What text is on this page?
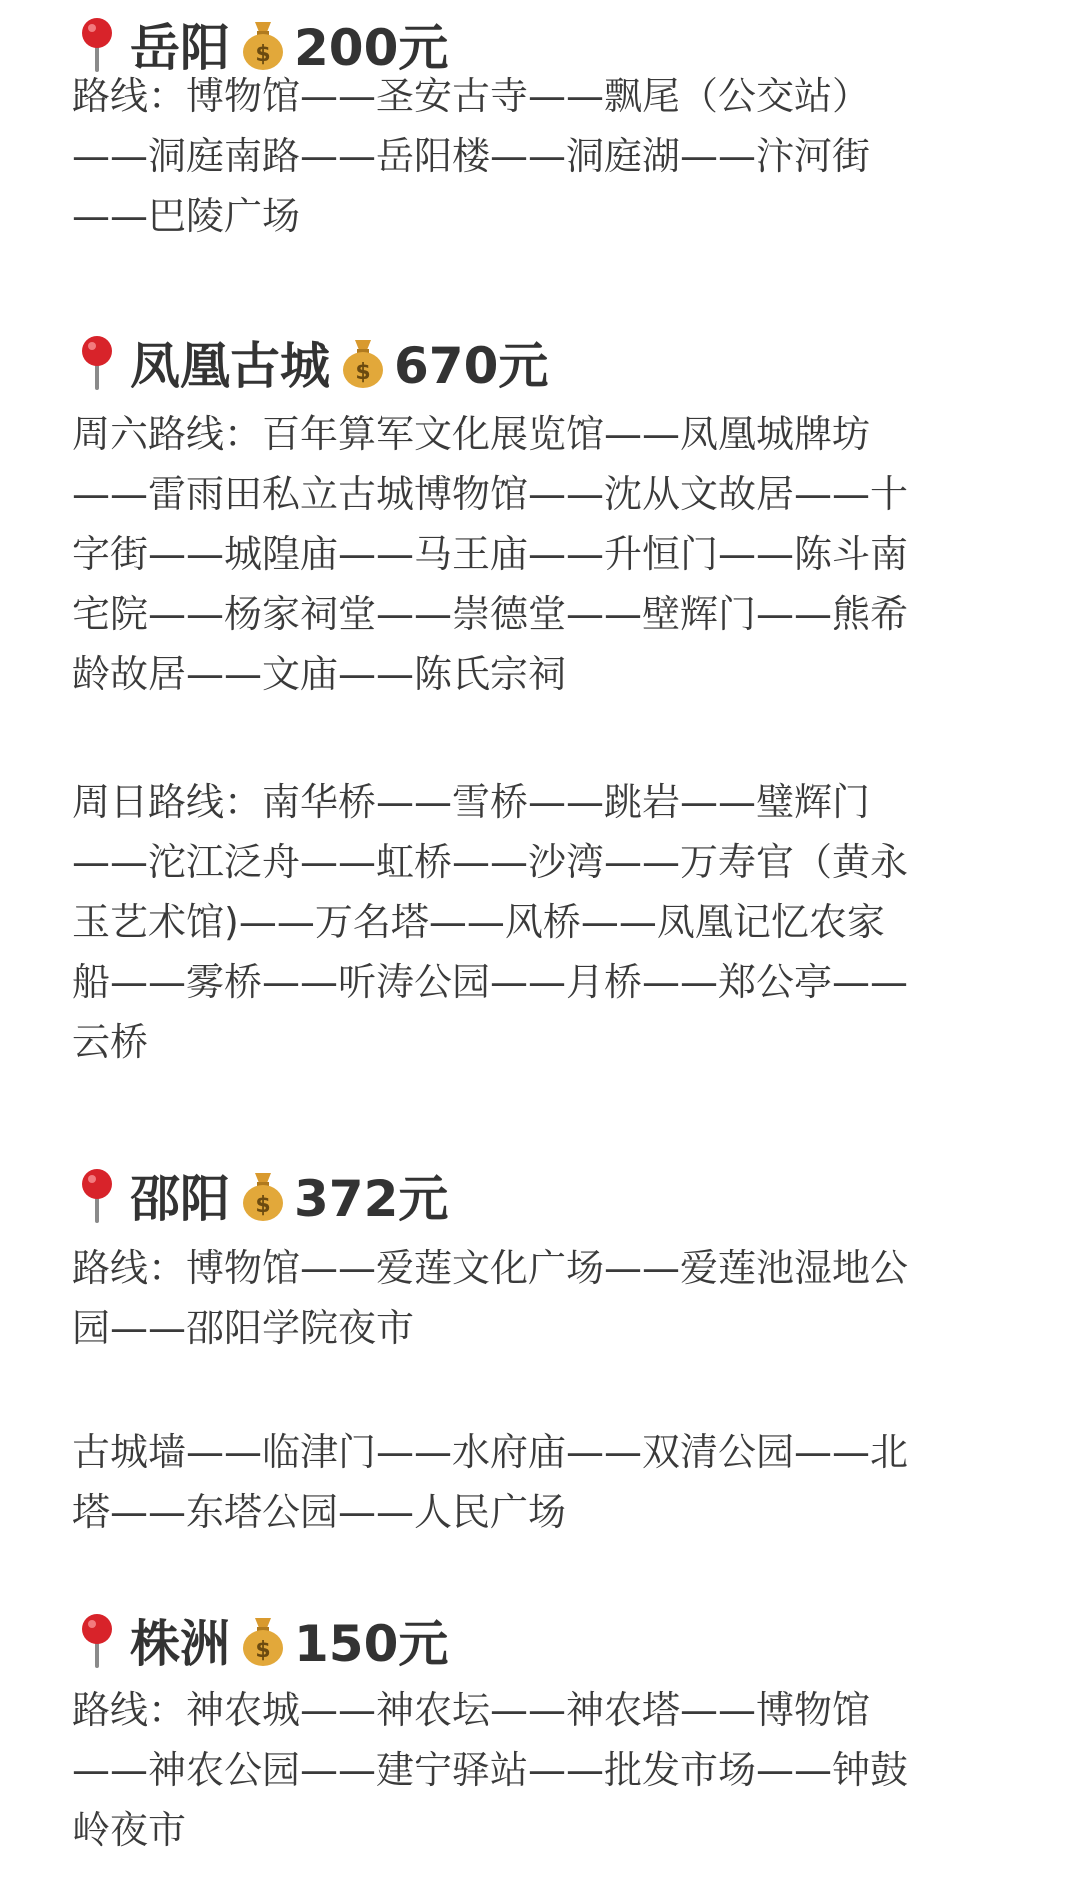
岳阳 $ 200元
路线：博物馆——圣安古寺——飘尾（公交站）
——洞庭南路——岳阳楼——洞庭湖——汴河街
——巴陵广场
凤凰古城 $ 670元
周六路线：百年算军文化展览馆——凤凰城牌坊
——雷雨田私立古城博物馆——沈从文故居——十
字街——城隍庙——马王庙——升恒门——陈斗南
宅院——杨家祠堂——崇德堂——壁辉门——熊希
龄故居——文庙——陈氏宗祠
周日路线：南华桥——雪桥——跳岩——璧辉门
——沱江泛舟——虹桥——沙湾——万寿官（黄永
玉艺术馆)——万名塔——风桥——凤凰记忆农家
船——雾桥——听涛公园——月桥——郑公亭——
云桥
邵阳 $ 372元
路线：博物馆——爱莲文化广场——爱莲池湿地公
园——邵阳学院夜市
古城墙——临津门——水府庙——双清公园——北
塔——东塔公园——人民广场
株洲 $ 150元
路线：神农城——神农坛——神农塔——博物馆
——神农公园——建宁驿站——批发市场——钟鼓
岭夜市
